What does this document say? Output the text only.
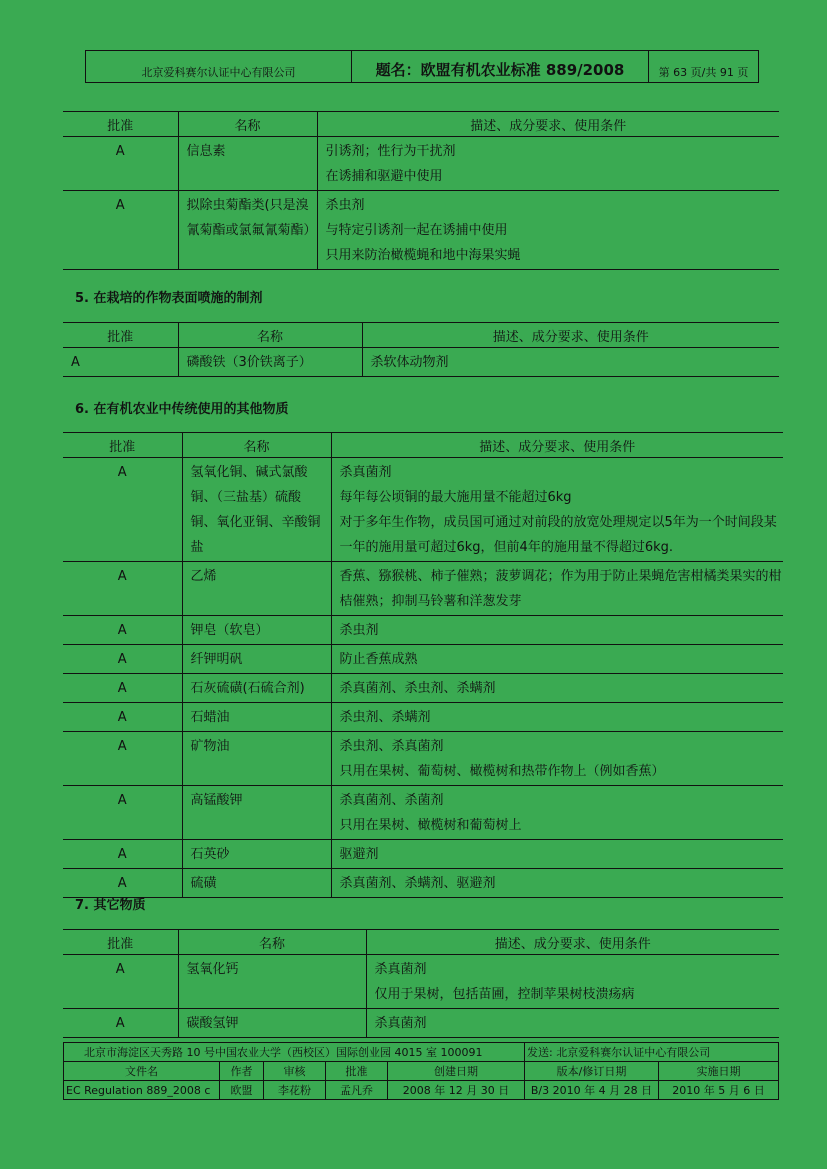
北京爱科赛尔认证中心有限公司	题名：欧盟有机农业标准 889/2008	第 63 页/共 91 页
批准	名称	描述、成分要求、使用条件
A	信息素	引诱剂；性行为干扰剂
在诱捕和驱避中使用

A	拟除虫菊酯类(只是溴氰菊酯或氯氟氰菊酯）	杀虫剂
与特定引诱剂一起在诱捕中使用
只用来防治橄榄蝇和地中海果实蝇
5. 在栽培的作物表面喷施的制剂
批准	名称	描述、成分要求、使用条件
A	磷酸铁（3价铁离子）	杀软体动物剂
6. 在有机农业中传统使用的其他物质
批准	名称	描述、成分要求、使用条件
A	氢氧化铜、碱式氯酸铜、（三盐基）硫酸铜、氧化亚铜、辛酸铜盐	杀真菌剂
每年每公顷铜的最大施用量不能超过6kg
对于多年生作物，成员国可通过对前段的放宽处理规定以5年为一个时间段某一年的施用量可超过6kg，但前4年的施用量不得超过6kg.

A	乙烯	香蕉、猕猴桃、柿子催熟；菠萝调花；作为用于防止果蝇危害柑橘类果实的柑桔催熟；抑制马铃薯和洋葱发芽

A	钾皂（软皂）	杀虫剂

A	纤钾明矾	防止香蕉成熟

A	石灰硫磺(石硫合剂)	杀真菌剂、杀虫剂、杀螨剂

A	石蜡油	杀虫剂、杀螨剂

A	矿物油	杀虫剂、杀真菌剂
只用在果树、葡萄树、橄榄树和热带作物上（例如香蕉）

A	高锰酸钾	杀真菌剂、杀菌剂
只用在果树、橄榄树和葡萄树上

A	石英砂	驱避剂

A	硫磺	杀真菌剂、杀螨剂、驱避剂
7. 其它物质
批准	名称	描述、成分要求、使用条件
A	氢氧化钙	杀真菌剂
仅用于果树，包括苗圃，控制苹果树枝溃疡病

A	碳酸氢钾	杀真菌剂
北京市海淀区天秀路 10 号中国农业大学（西校区）国际创业园 4015 室 100091					发送: 北京爱科赛尔认证中心有限公司	
文件名	作者	审核	批准	创建日期	版本/修订日期	实施日期
EC Regulation 889_2008 c	欧盟	李花粉	孟凡乔	2008 年 12 月 30 日	B/3 2010 年 4 月 28 日	2010 年 5 月 6 日
